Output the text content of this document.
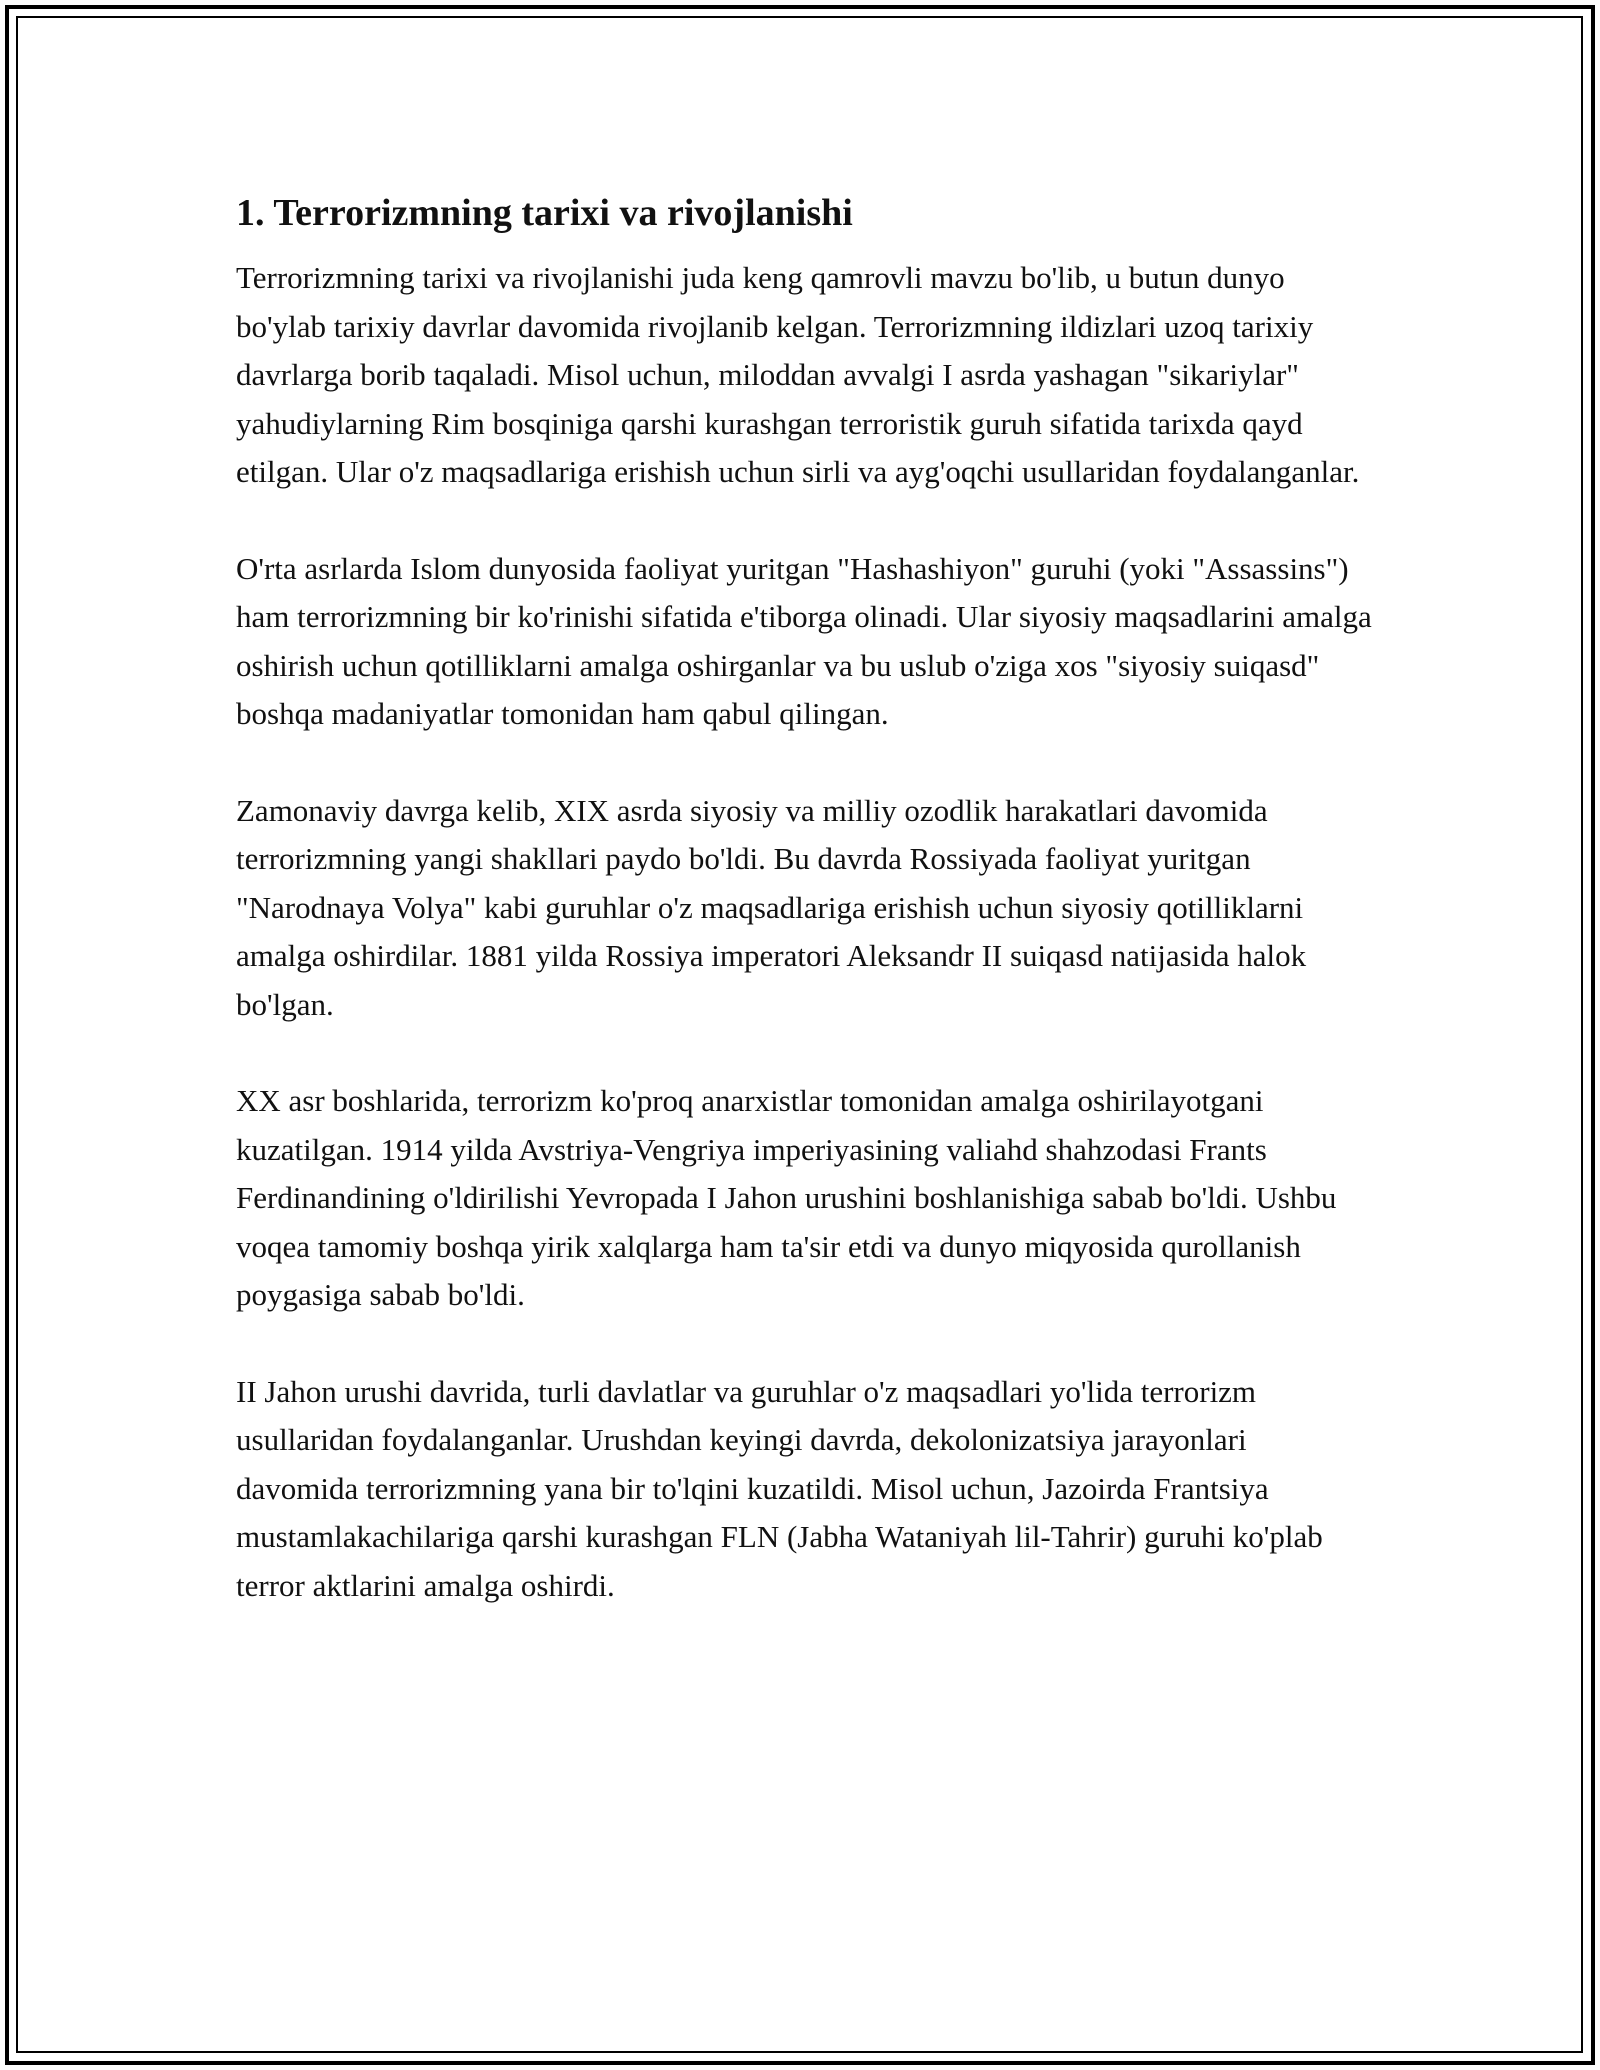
1. Terrorizmning tarixi va rivojlanishi

Terrorizmning tarixi va rivojlanishi juda keng qamrovli mavzu bo'lib, u butun dunyo bo'ylab tarixiy davrlar davomida rivojlanib kelgan. Terrorizmning ildizlari uzoq tarixiy davrlarga borib taqaladi. Misol uchun, miloddan avvalgi I asrda yashagan "sikariylar" yahudiylarning Rim bosqiniga qarshi kurashgan terroristik guruh sifatida tarixda qayd etilgan. Ular o'z maqsadlariga erishish uchun sirli va ayg'oqchi usullaridan foydalanganlar.

O'rta asrlarda Islom dunyosida faoliyat yuritgan "Hashashiyon" guruhi (yoki "Assassins") ham terrorizmning bir ko'rinishi sifatida e'tiborga olinadi. Ular siyosiy maqsadlarini amalga oshirish uchun qotilliklarni amalga oshirganlar va bu uslub o'ziga xos "siyosiy suiqasd" boshqa madaniyatlar tomonidan ham qabul qilingan.

Zamonaviy davrga kelib, XIX asrda siyosiy va milliy ozodlik harakatlari davomida terrorizmning yangi shakllari paydo bo'ldi. Bu davrda Rossiyada faoliyat yuritgan "Narodnaya Volya" kabi guruhlar o'z maqsadlariga erishish uchun siyosiy qotilliklarni amalga oshirdilar. 1881 yilda Rossiya imperatori Aleksandr II suiqasd natijasida halok bo'lgan.

XX asr boshlarida, terrorizm ko'proq anarxistlar tomonidan amalga oshirilayotgani kuzatilgan. 1914 yilda Avstriya-Vengriya imperiyasining valiahd shahzodasi Frants Ferdinandining o'ldirilishi Yevropada I Jahon urushini boshlanishiga sabab bo'ldi. Ushbu voqea tamomiy boshqa yirik xalqlarga ham ta'sir etdi va dunyo miqyosida qurollanish poygasiga sabab bo'ldi.

II Jahon urushi davrida, turli davlatlar va guruhlar o'z maqsadlari yo'lida terrorizm usullaridan foydalanganlar. Urushdan keyingi davrda, dekolonizatsiya jarayonlari davomida terrorizmning yana bir to'lqini kuzatildi. Misol uchun, Jazoirda Frantsiya mustamlakachilariga qarshi kurashgan FLN (Jabha Wataniyah lil-Tahrir) guruhi ko'plab terror aktlarini amalga oshirdi.
